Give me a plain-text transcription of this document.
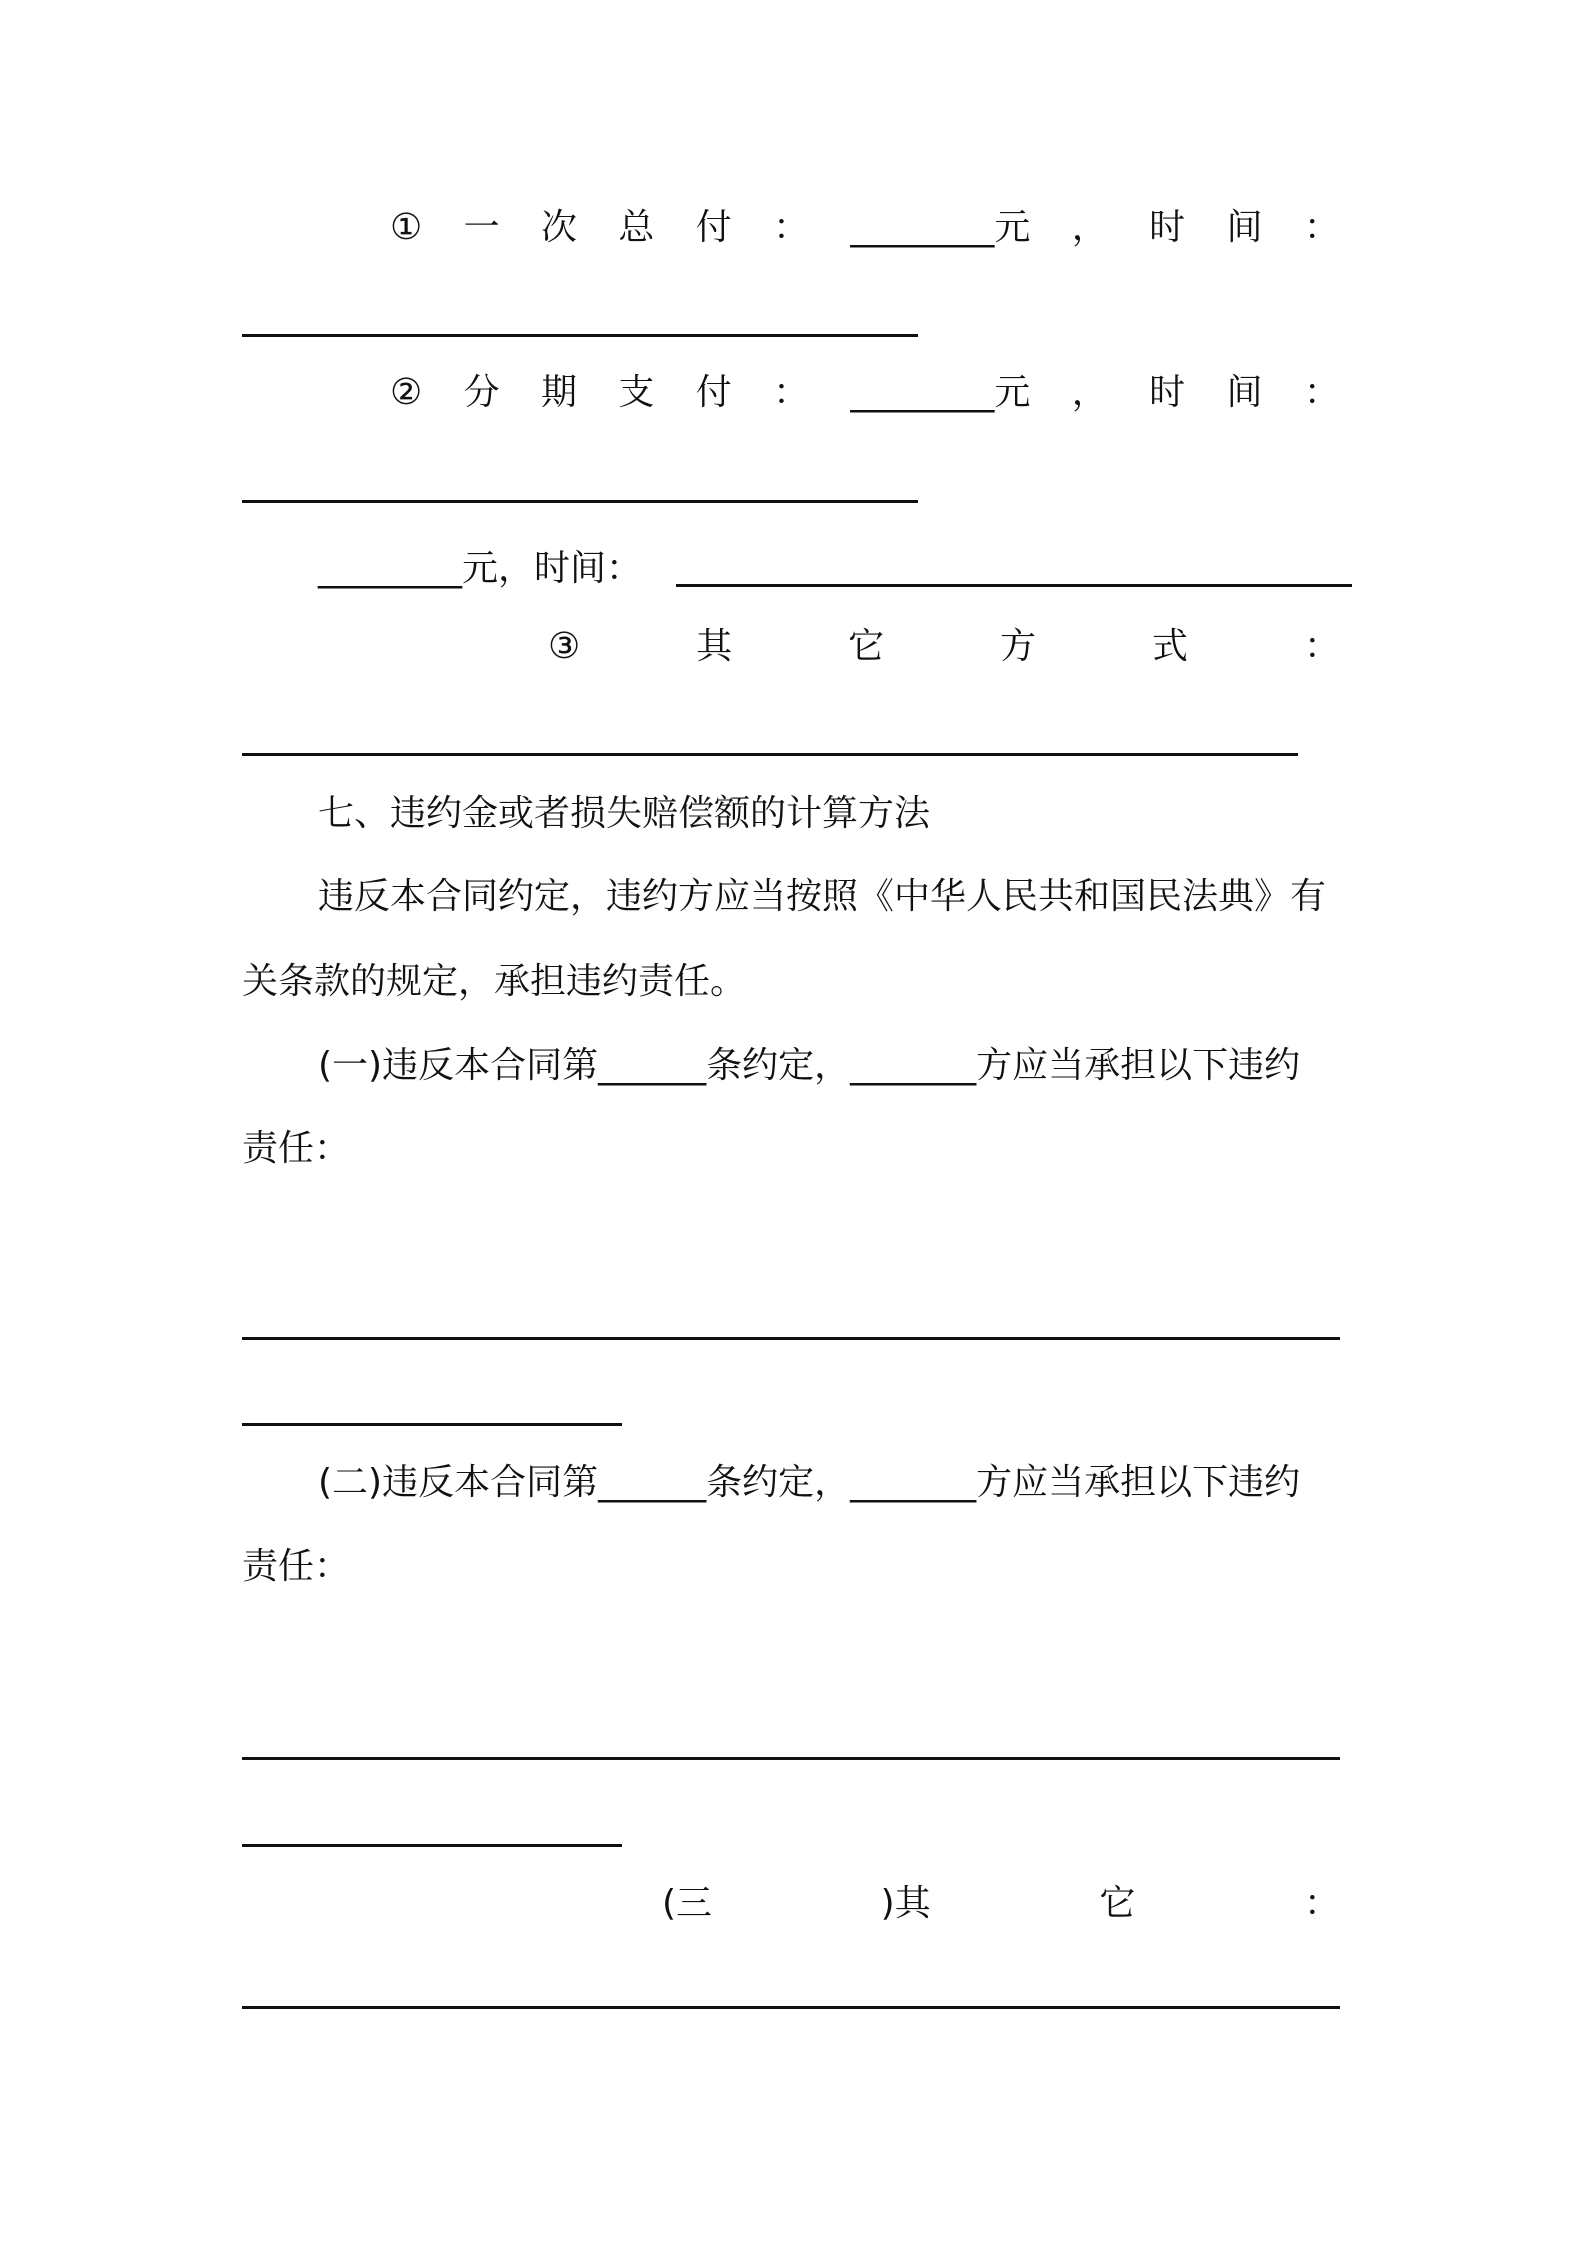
① 一 次 总 付 ： ________元 ， 时 间 ：
② 分 期 支 付 ： ________元 ， 时 间 ：
________元，时间：
③	其	它	方	式	：
七、违约金或者损失赔偿额的计算方法
违反本合同约定，违约方应当按照《中华人民共和国民法典》有
关条款的规定，承担违约责任。
(一)违反本合同第______条约定，_______方应当承担以下违约
责任：
(二)违反本合同第______条约定，_______方应当承担以下违约
责任：
(三	)其	它	：
